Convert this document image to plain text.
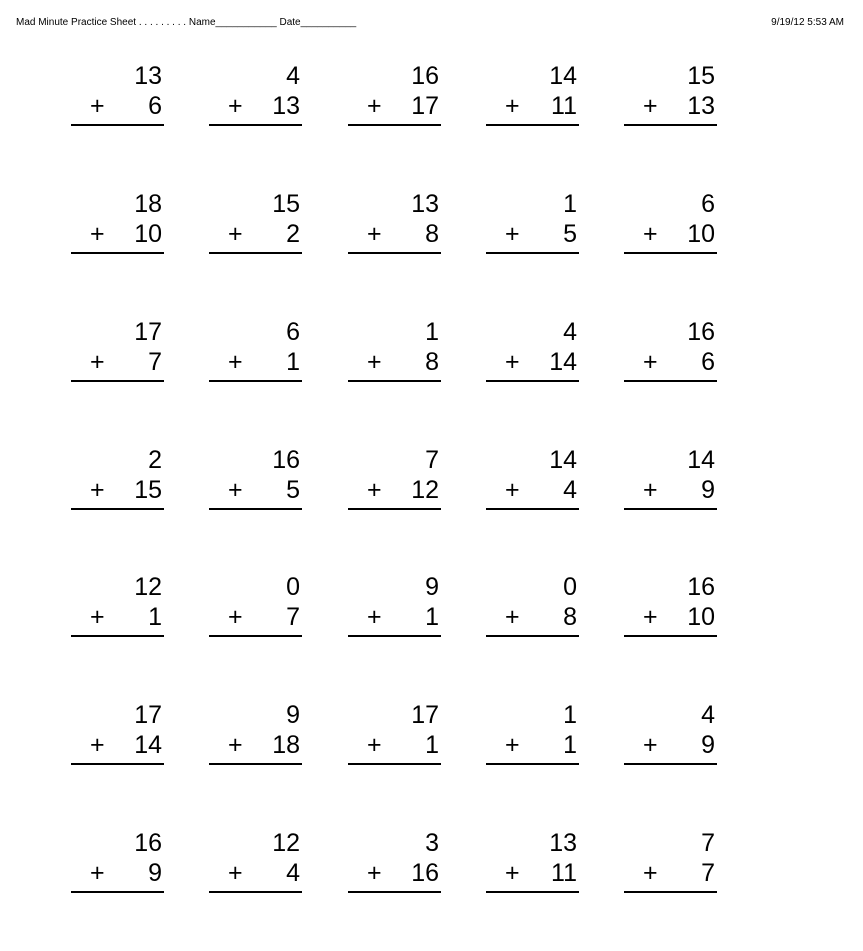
Mad Minute Practice Sheet . . . . . . . . . Name___________ Date__________	9/19/12 5:53 AM
13
+ 6
4
+ 13
16
+ 17
14
+ 11
15
+ 13
18
+ 10
15
+ 2
13
+ 8
1
+ 5
6
+ 10
17
+ 7
6
+ 1
1
+ 8
4
+ 14
16
+ 6
2
+ 15
16
+ 5
7
+ 12
14
+ 4
14
+ 9
12
+ 1
0
+ 7
9
+ 1
0
+ 8
16
+ 10
17
+ 14
9
+ 18
17
+ 1
1
+ 1
4
+ 9
16
+ 9
12
+ 4
3
+ 16
13
+ 11
7
+ 7
